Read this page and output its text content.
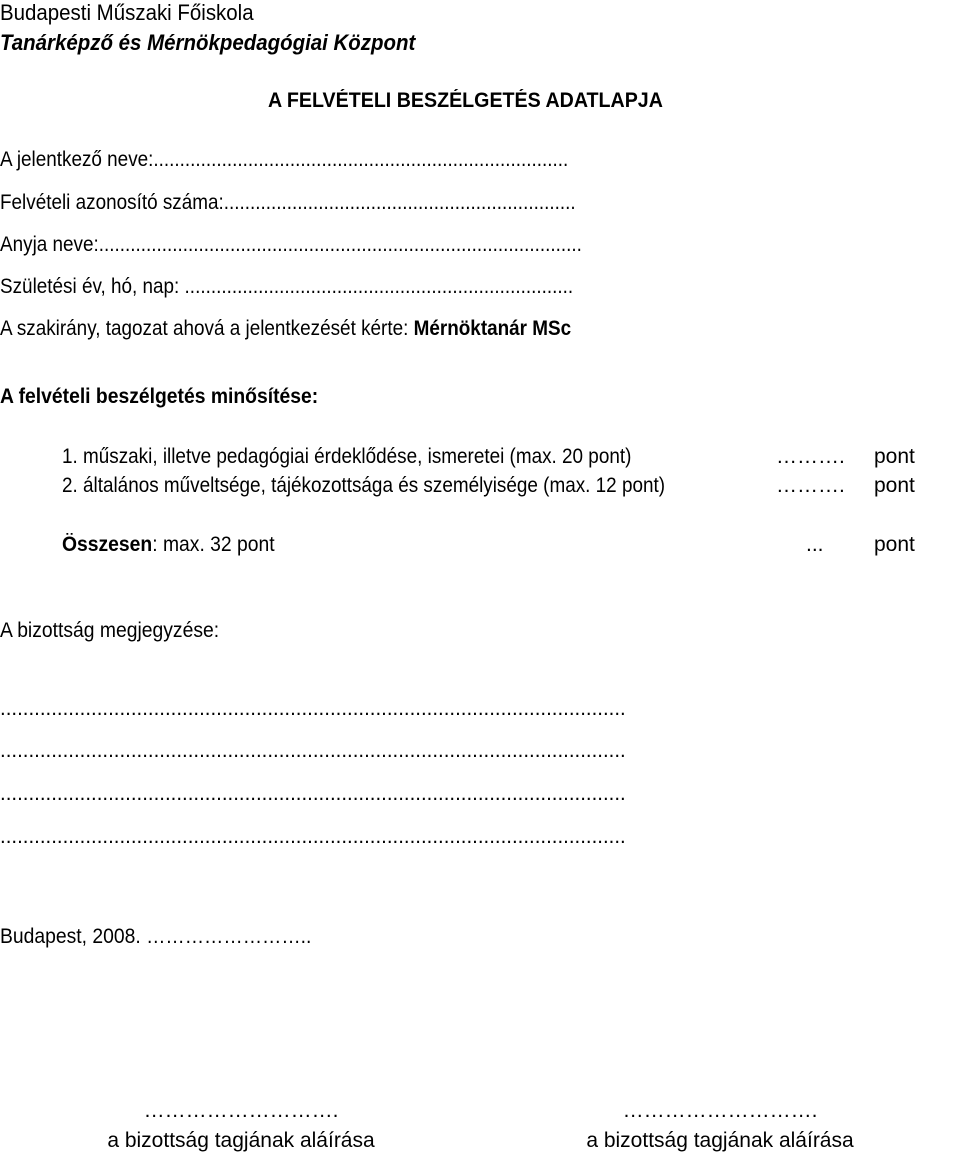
Budapesti Műszaki Főiskola
Tanárképző és Mérnökpedagógiai Központ
A FELVÉTELI BESZÉLGETÉS ADATLAPJA
A jelentkező neve:...............................................................................
Felvételi azonosító száma:...................................................................
Anyja neve:............................................................................................
Születési év, hó, nap: ..........................................................................
A szakirány, tagozat ahová a jelentkezését kérte: Mérnöktanár MSc
A felvételi beszélgetés minősítése:
1. műszaki, illetve pedagógiai érdeklődése, ismeretei (max. 20 pont)	………. pont
2. általános műveltsége, tájékozottsága és személyisége (max. 12 pont)	………. pont
Összesen: max. 32 pont	... pont
A bizottság megjegyzése:
..............................................................................................................
..............................................................................................................
..............................................................................................................
..............................................................................................................
Budapest, 2008. ……………………..
……………………….
a bizottság tagjának aláírása
……………………….
a bizottság tagjának aláírása
